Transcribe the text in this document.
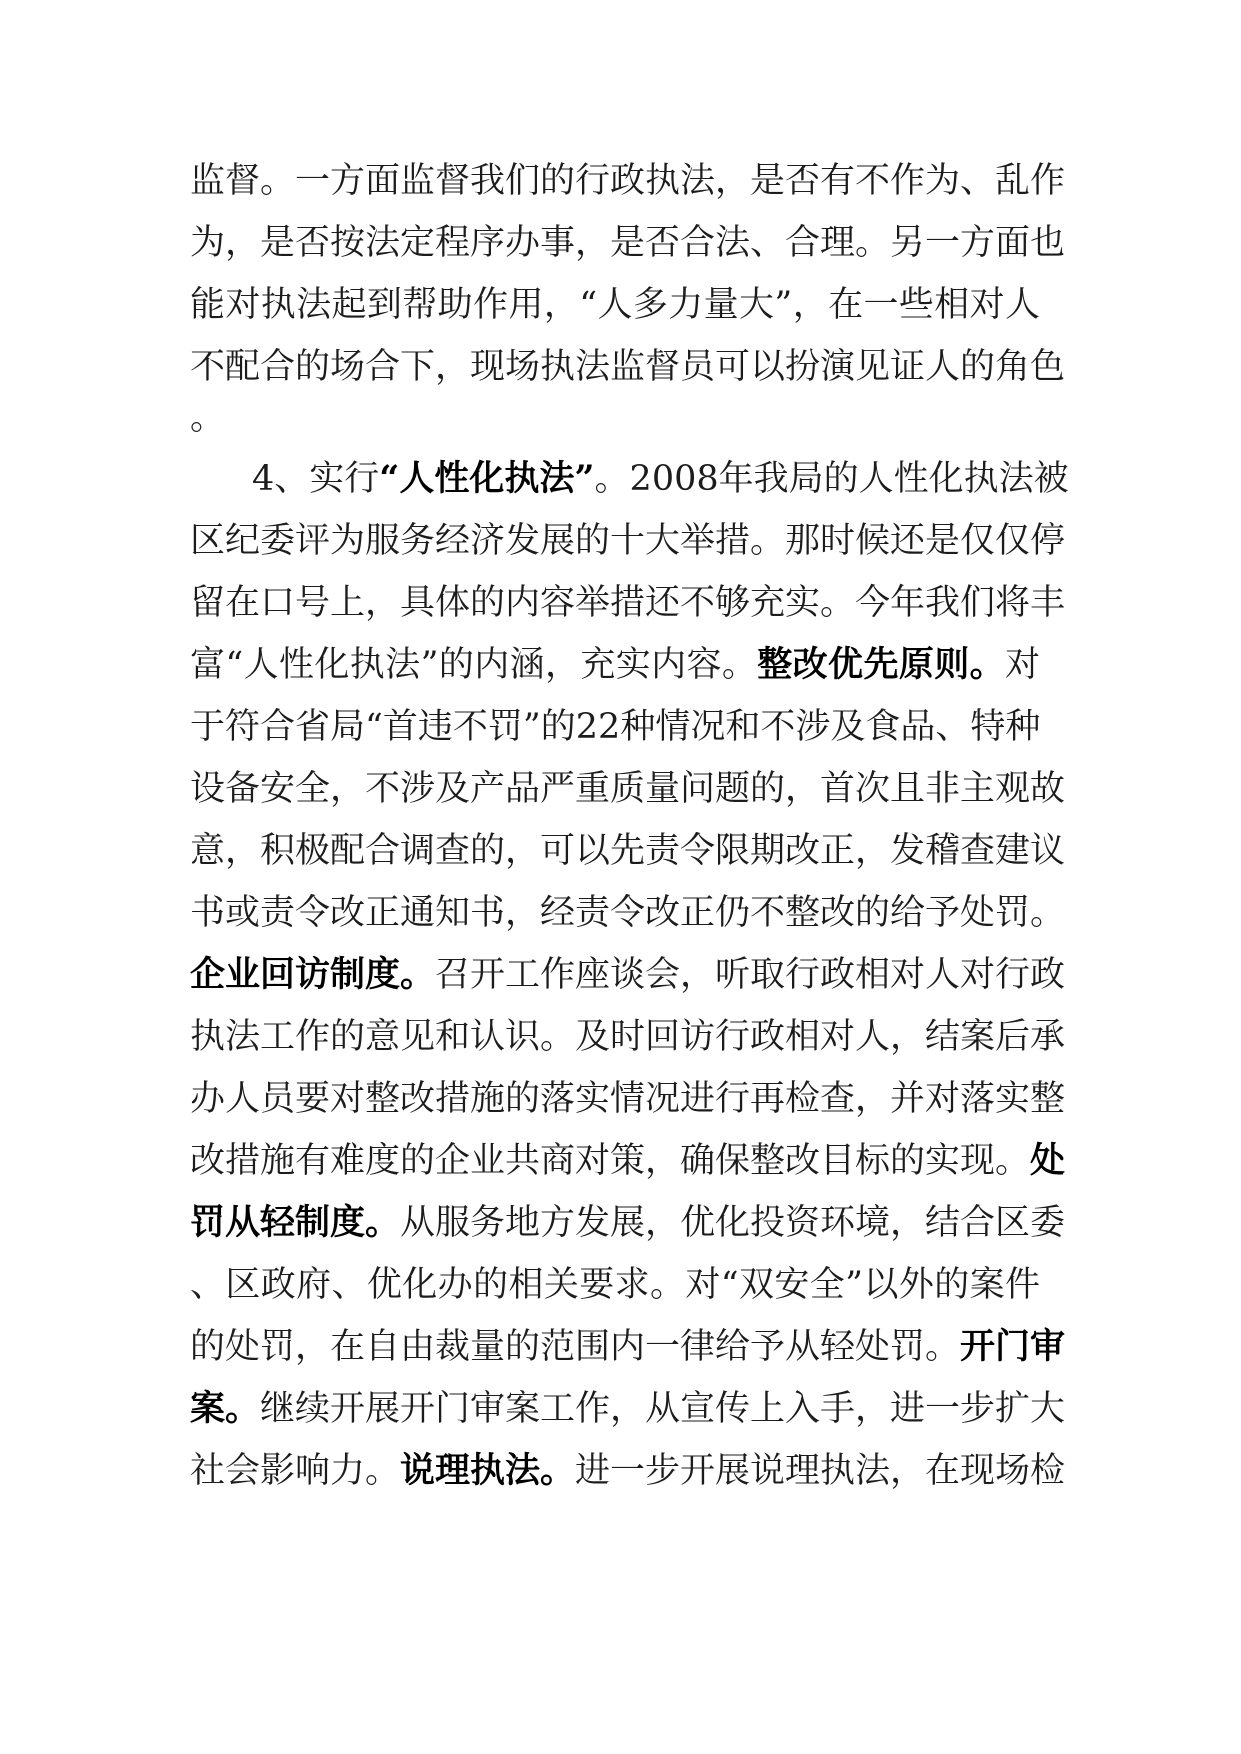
监督。一方面监督我们的行政执法，是否有不作为、乱作
为，是否按法定程序办事，是否合法、合理。另一方面也
能对执法起到帮助作用，“人多力量大”，在一些相对人
不配合的场合下，现场执法监督员可以扮演见证人的角色
。
4、实行“人性化执法”。2008年我局的人性化执法被
区纪委评为服务经济发展的十大举措。那时候还是仅仅停
留在口号上，具体的内容举措还不够充实。今年我们将丰
富“人性化执法”的内涵，充实内容。整改优先原则。对
于符合省局“首违不罚”的22种情况和不涉及食品、特种
设备安全，不涉及产品严重质量问题的，首次且非主观故
意，积极配合调查的，可以先责令限期改正，发稽查建议
书或责令改正通知书，经责令改正仍不整改的给予处罚。
企业回访制度。召开工作座谈会，听取行政相对人对行政
执法工作的意见和认识。及时回访行政相对人，结案后承
办人员要对整改措施的落实情况进行再检查，并对落实整
改措施有难度的企业共商对策，确保整改目标的实现。处
罚从轻制度。从服务地方发展，优化投资环境，结合区委
、区政府、优化办的相关要求。对“双安全”以外的案件
的处罚，在自由裁量的范围内一律给予从轻处罚。开门审
案。继续开展开门审案工作，从宣传上入手，进一步扩大
社会影响力。说理执法。进一步开展说理执法，在现场检
